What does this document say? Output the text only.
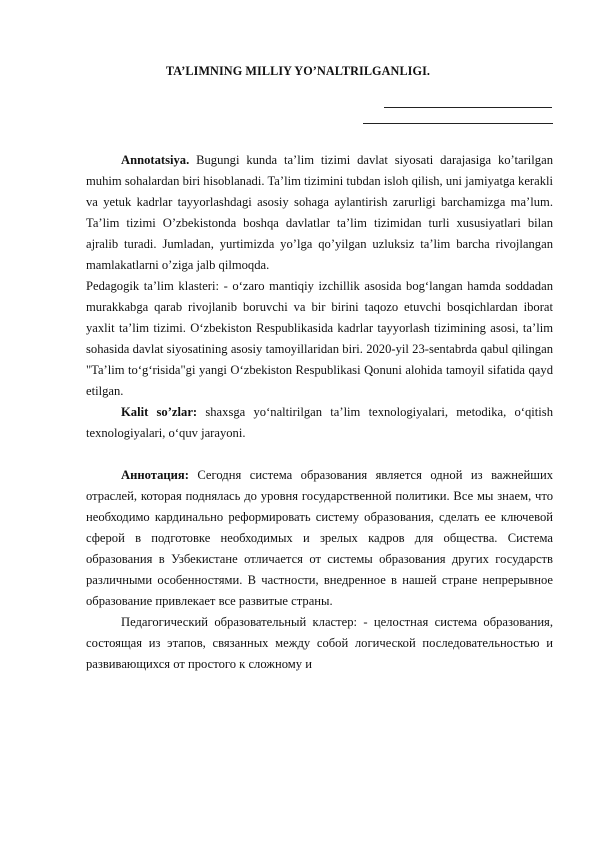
TA’LIMNING MILLIY YO’NALTRILGANLIGI.

Annotatsiya. Bugungi kunda ta’lim tizimi davlat siyosati darajasiga ko’tarilgan muhim sohalardan biri hisoblanadi. Ta’lim tizimini tubdan isloh qilish, uni jamiyatga kerakli va yetuk kadrlar tayyorlashdagi asosiy sohaga aylantirish zarurligi barchamizga ma’lum. Ta’lim tizimi O’zbekistonda boshqa davlatlar ta’lim tizimidan turli xususiyatlari bilan ajralib turadi. Jumladan, yurtimizda yo’lga qo’yilgan uzluksiz ta’lim barcha rivojlangan mamlakatlarni o’ziga jalb qilmoqda.

Pedagogik ta’lim klasteri: - o‘zaro mantiqiy izchillik asosida bog‘langan hamda soddadan murakkabga qarab rivojlanib boruvchi va bir birini taqozo etuvchi bosqichlardan iborat yaxlit ta’lim tizimi. O‘zbekiston Respublikasida kadrlar tayyorlash tizimining asosi, ta’lim sohasida davlat siyosatining asosiy tamoyillaridan biri. 2020-yil 23-sentabrda qabul qilingan "Ta’lim to‘g‘risida"gi yangi O‘zbekiston Respublikasi Qonuni alohida tamoyil sifatida qayd etilgan.

Kalit so’zlar: shaxsga yo‘naltirilgan ta’lim texnologiyalari, metodika, o‘qitish texnologiyalari, o‘quv jarayoni.

Аннотация: Сегодня система образования является одной из важнейших отраслей, которая поднялась до уровня государственной политики. Все мы знаем, что необходимо кардинально реформировать систему образования, сделать ее ключевой сферой в подготовке необходимых и зрелых кадров для общества. Система образования в Узбекистане отличается от системы образования других государств различными особенностями. В частности, внедренное в нашей стране непрерывное образование привлекает все развитые страны.

Педагогический образовательный кластер: - целостная система образования, состоящая из этапов, связанных между собой логической последовательностью и развивающихся от простого к сложному и
